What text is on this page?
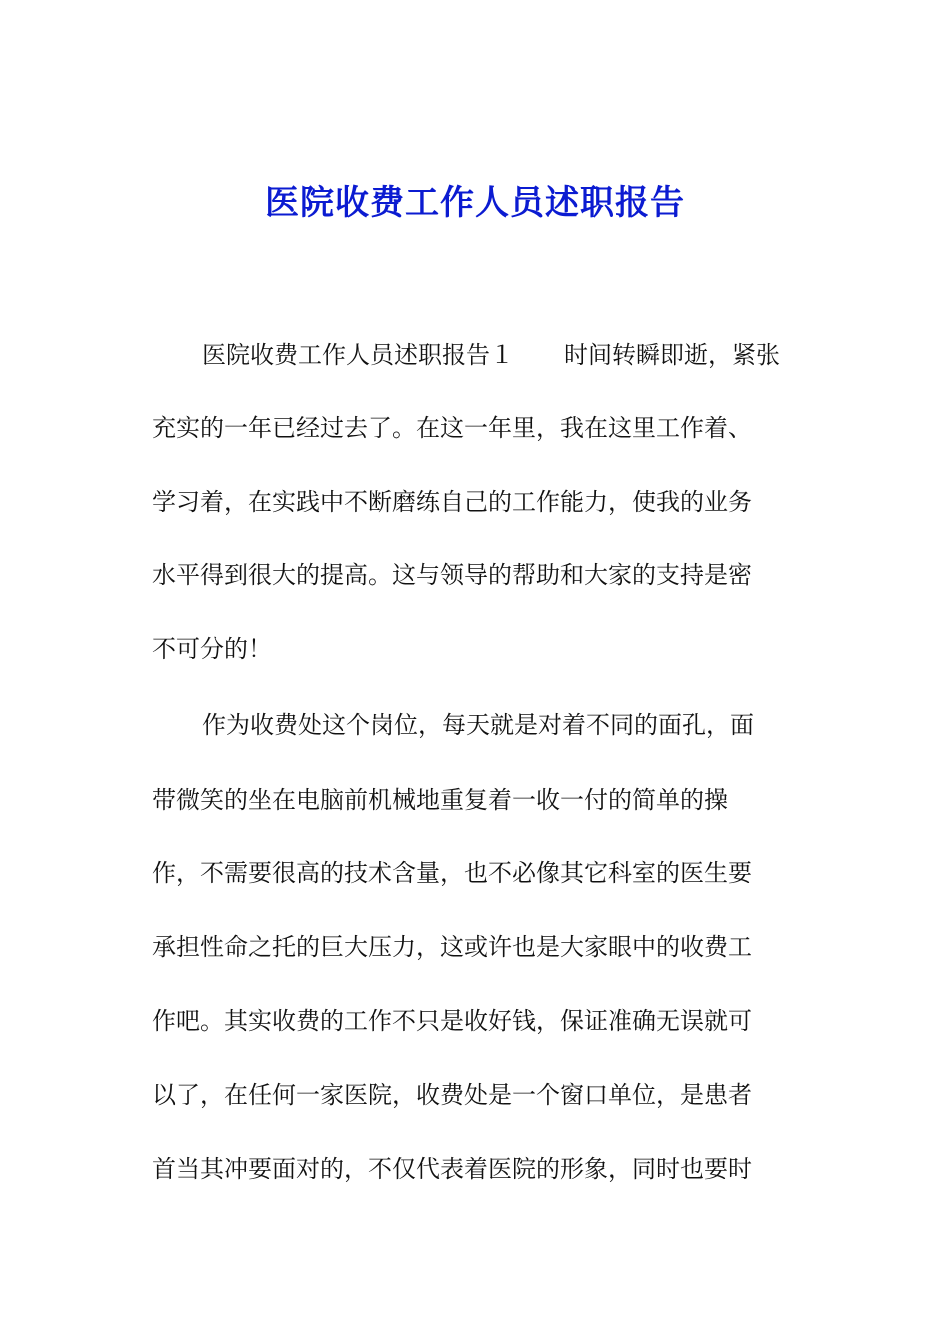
医院收费工作人员述职报告
医院收费工作人员述职报告１ 时间转瞬即逝，紧张
充实的一年已经过去了。在这一年里，我在这里工作着、
学习着，在实践中不断磨练自己的工作能力，使我的业务
水平得到很大的提高。这与领导的帮助和大家的支持是密
不可分的！
作为收费处这个岗位，每天就是对着不同的面孔，面
带微笑的坐在电脑前机械地重复着一收一付的简单的操
作，不需要很高的技术含量，也不必像其它科室的医生要
承担性命之托的巨大压力，这或许也是大家眼中的收费工
作吧。其实收费的工作不只是收好钱，保证准确无误就可
以了，在任何一家医院，收费处是一个窗口单位，是患者
首当其冲要面对的，不仅代表着医院的形象，同时也要时
